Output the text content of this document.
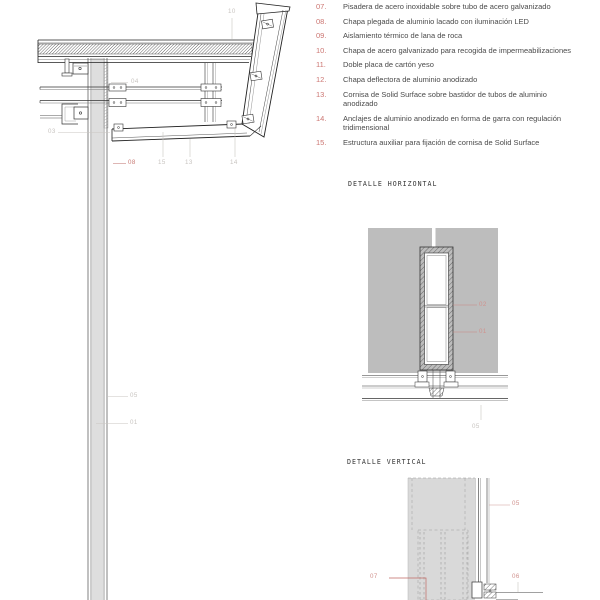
07.	Pisadera de acero inoxidable sobre tubo de acero galvanizado
08.	Chapa plegada de aluminio lacado con iluminación LED
09.	Aislamiento térmico de lana de roca
10.	Chapa de acero galvanizado para recogida de impermeabilizaciones
11.	Doble placa de cartón yeso
12.	Chapa deflectora de aluminio anodizado
13.	Cornisa de Solid Surface sobre bastidor de tubos de aluminio anodizado
14.	Anclajes de aluminio anodizado en forma de garra con regulación tridimensional
15.	Estructura auxiliar para fijación de cornisa de Solid Surface
DETALLE HORIZONTAL
DETALLE VERTICAL
10
04
03
08	15	13	14
05
01
02
01
05
05
07	06
